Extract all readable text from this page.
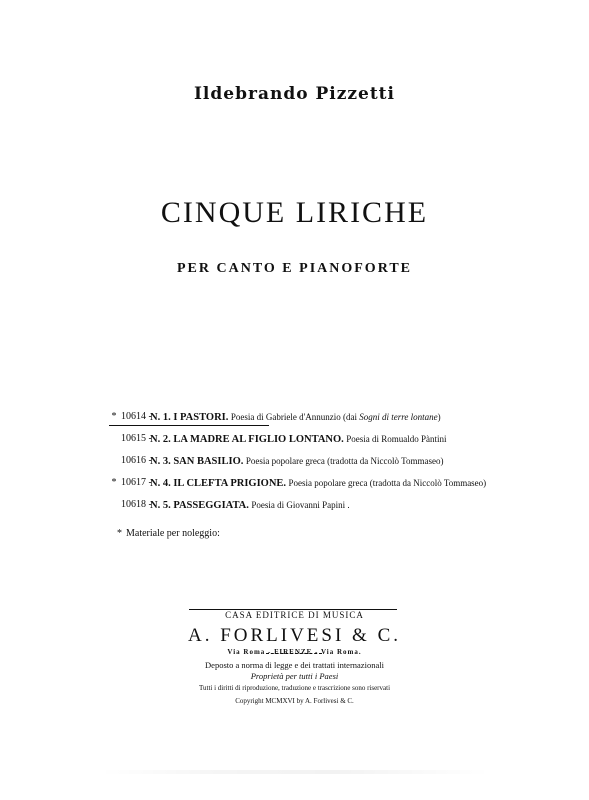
Ildebrando Pizzetti
CINQUE LIRICHE
PER CANTO E PIANOFORTE
* 10614 -
N. 1. I PASTORI. Poesia di Gabriele d'Annunzio (dai Sogni di terre lontane)
10615 -
N. 2. LA MADRE AL FIGLIO LONTANO. Poesia di Romualdo Pàntini
10616 -
N. 3. SAN BASILIO. Poesia popolare greca (tradotta da Niccolò Tommaseo)
* 10617 -
N. 4. IL CLEFTA PRIGIONE. Poesia popolare greca (tradotta da Niccolò Tommaseo)
10618 -
N. 5. PASSEGGIATA. Poesia di Giovanni Papini .
* Materiale per noleggio:
CASA EDITRICE DI MUSICA
A. FORLIVESI & C.
Via Roma - FIRENZE - Via Roma.
Deposto a norma di legge e dei trattati internazionali
Proprietà per tutti i Paesi
Tutti i diritti di riproduzione, traduzione e trascrizione sono riservati
Copyright MCMXVI by A. Forlivesi & C.
